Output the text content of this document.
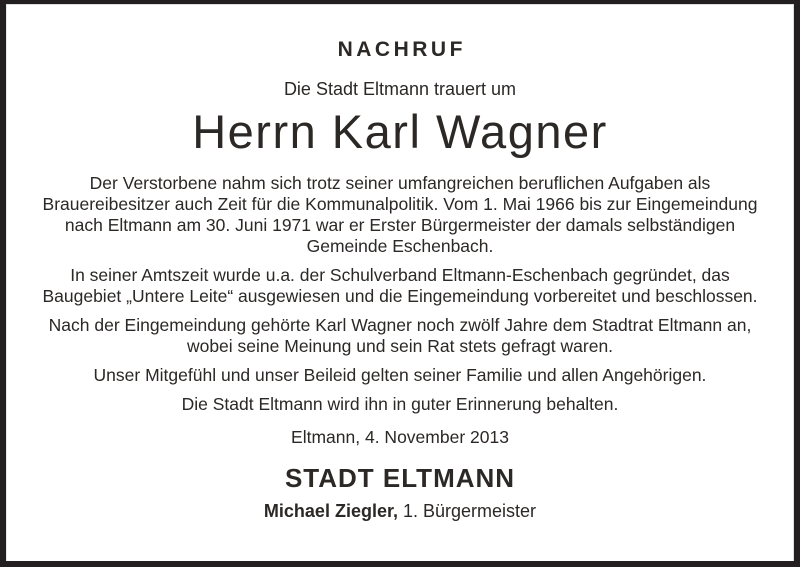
NACHRUF
Die Stadt Eltmann trauert um
Herrn Karl Wagner

Der Verstorbene nahm sich trotz seiner umfangreichen beruflichen Aufgaben als
Brauereibesitzer auch Zeit für die Kommunalpolitik. Vom 1. Mai 1966 bis zur Eingemeindung
nach Eltmann am 30. Juni 1971 war er Erster Bürgermeister der damals selbständigen
Gemeinde Eschenbach.

In seiner Amtszeit wurde u.a. der Schulverband Eltmann-Eschenbach gegründet, das
Baugebiet „Untere Leite“ ausgewiesen und die Eingemeindung vorbereitet und beschlossen.

Nach der Eingemeindung gehörte Karl Wagner noch zwölf Jahre dem Stadtrat Eltmann an,
wobei seine Meinung und sein Rat stets gefragt waren.

Unser Mitgefühl und unser Beileid gelten seiner Familie und allen Angehörigen.

Die Stadt Eltmann wird ihn in guter Erinnerung behalten.

Eltmann, 4. November 2013
STADT ELTMANN
Michael Ziegler, 1. Bürgermeister
